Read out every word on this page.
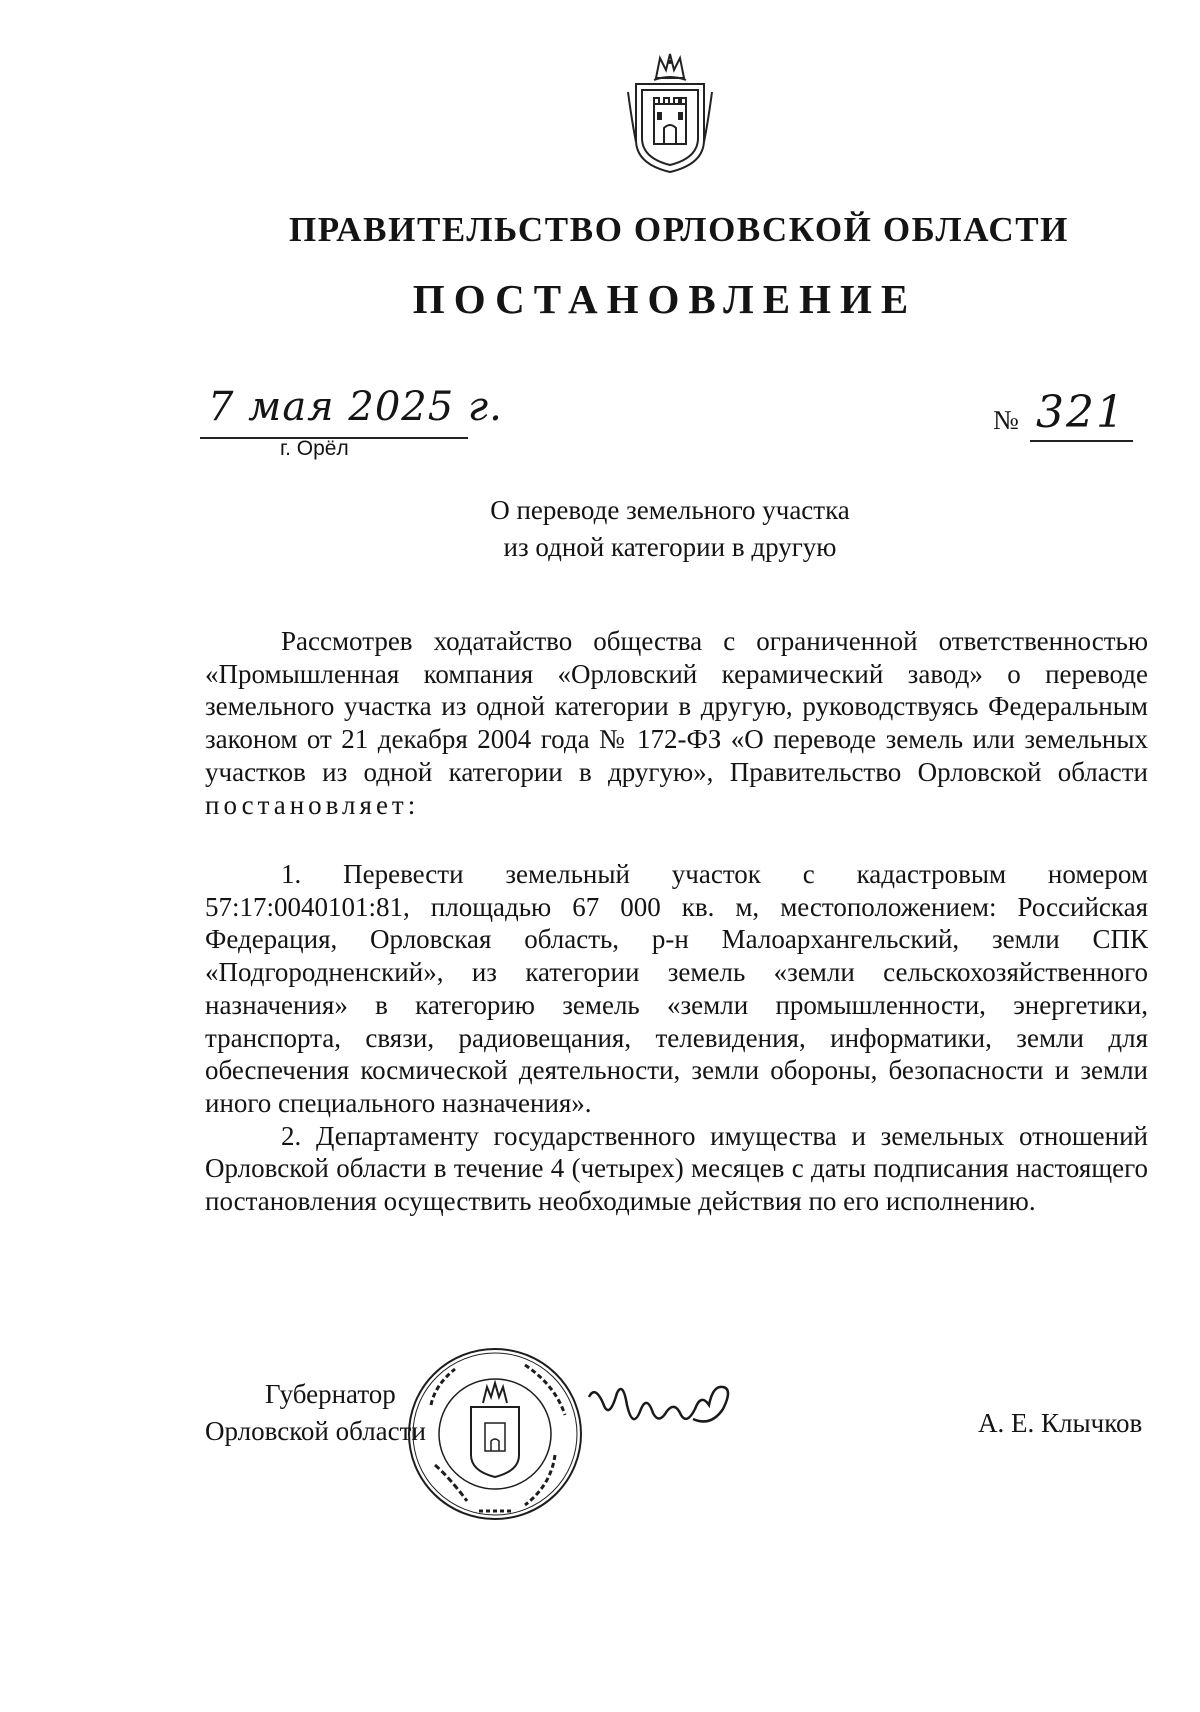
ПРАВИТЕЛЬСТВО ОРЛОВСКОЙ ОБЛАСТИ
ПОСТАНОВЛЕНИЕ
7 мая 2025 г.
г. Орёл
№ 321
О переводе земельного участка
из одной категории в другую

Рассмотрев ходатайство общества с ограниченной ответственностью «Промышленная компания «Орловский керамический завод» о переводе земельного участка из одной категории в другую, руководствуясь Федеральным законом от 21 декабря 2004 года № 172-ФЗ «О переводе земель или земельных участков из одной категории в другую», Правительство Орловской области постановляет:

1. Перевести земельный участок с кадастровым номером 57:17:0040101:81, площадью 67 000 кв. м, местоположением: Российская Федерация, Орловская область, р-н Малоархангельский, земли СПК «Подгородненский», из категории земель «земли сельскохозяйственного назначения» в категорию земель «земли промышленности, энергетики, транспорта, связи, радиовещания, телевидения, информатики, земли для обеспечения космической деятельности, земли обороны, безопасности и земли иного специального назначения».

2. Департаменту государственного имущества и земельных отношений Орловской области в течение 4 (четырех) месяцев с даты подписания настоящего постановления осуществить необходимые действия по его исполнению.

Губернатор
Орловской области	А. Е. Клычков
